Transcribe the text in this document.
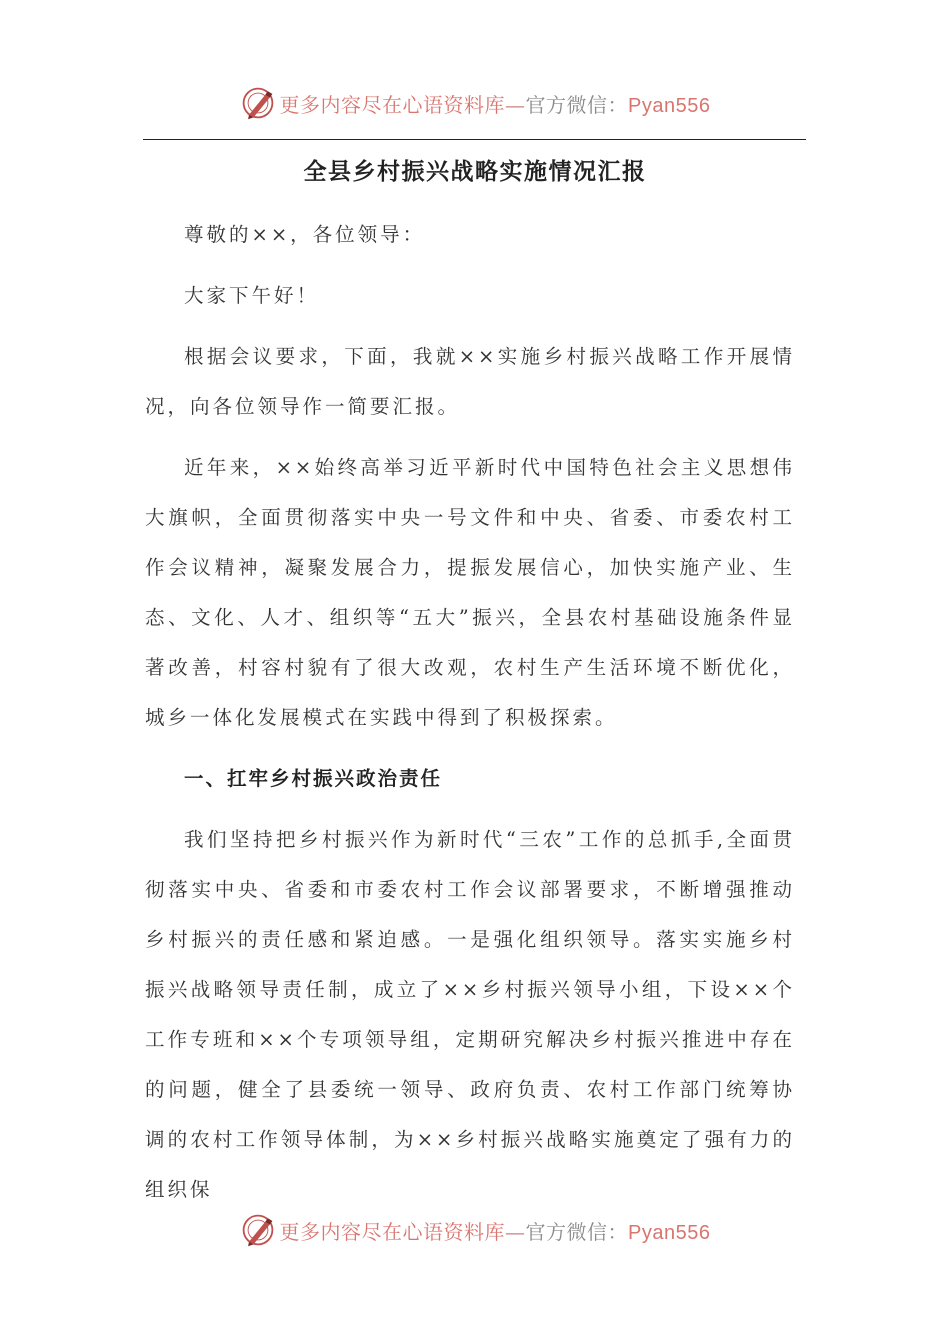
更多内容尽在心语资料库—官方微信：Pyan556
全县乡村振兴战略实施情况汇报

尊敬的××，各位领导：

大家下午好！

根据会议要求，下面，我就××实施乡村振兴战略工作开展情况，向各位领导作一简要汇报。

近年来，××始终高举习近平新时代中国特色社会主义思想伟大旗帜，全面贯彻落实中央一号文件和中央、省委、市委农村工作会议精神，凝聚发展合力，提振发展信心，加快实施产业、生态、文化、人才、组织等“五大”振兴，全县农村基础设施条件显著改善，村容村貌有了很大改观，农村生产生活环境不断优化，城乡一体化发展模式在实践中得到了积极探索。

一、扛牢乡村振兴政治责任

我们坚持把乡村振兴作为新时代“三农”工作的总抓手,全面贯彻落实中央、省委和市委农村工作会议部署要求，不断增强推动乡村振兴的责任感和紧迫感。一是强化组织领导。落实实施乡村振兴战略领导责任制，成立了××乡村振兴领导小组，下设××个工作专班和××个专项领导组，定期研究解决乡村振兴推进中存在的问题，健全了县委统一领导、政府负责、农村工作部门统筹协调的农村工作领导体制，为××乡村振兴战略实施奠定了强有力的组织保

更多内容尽在心语资料库—官方微信：Pyan556
